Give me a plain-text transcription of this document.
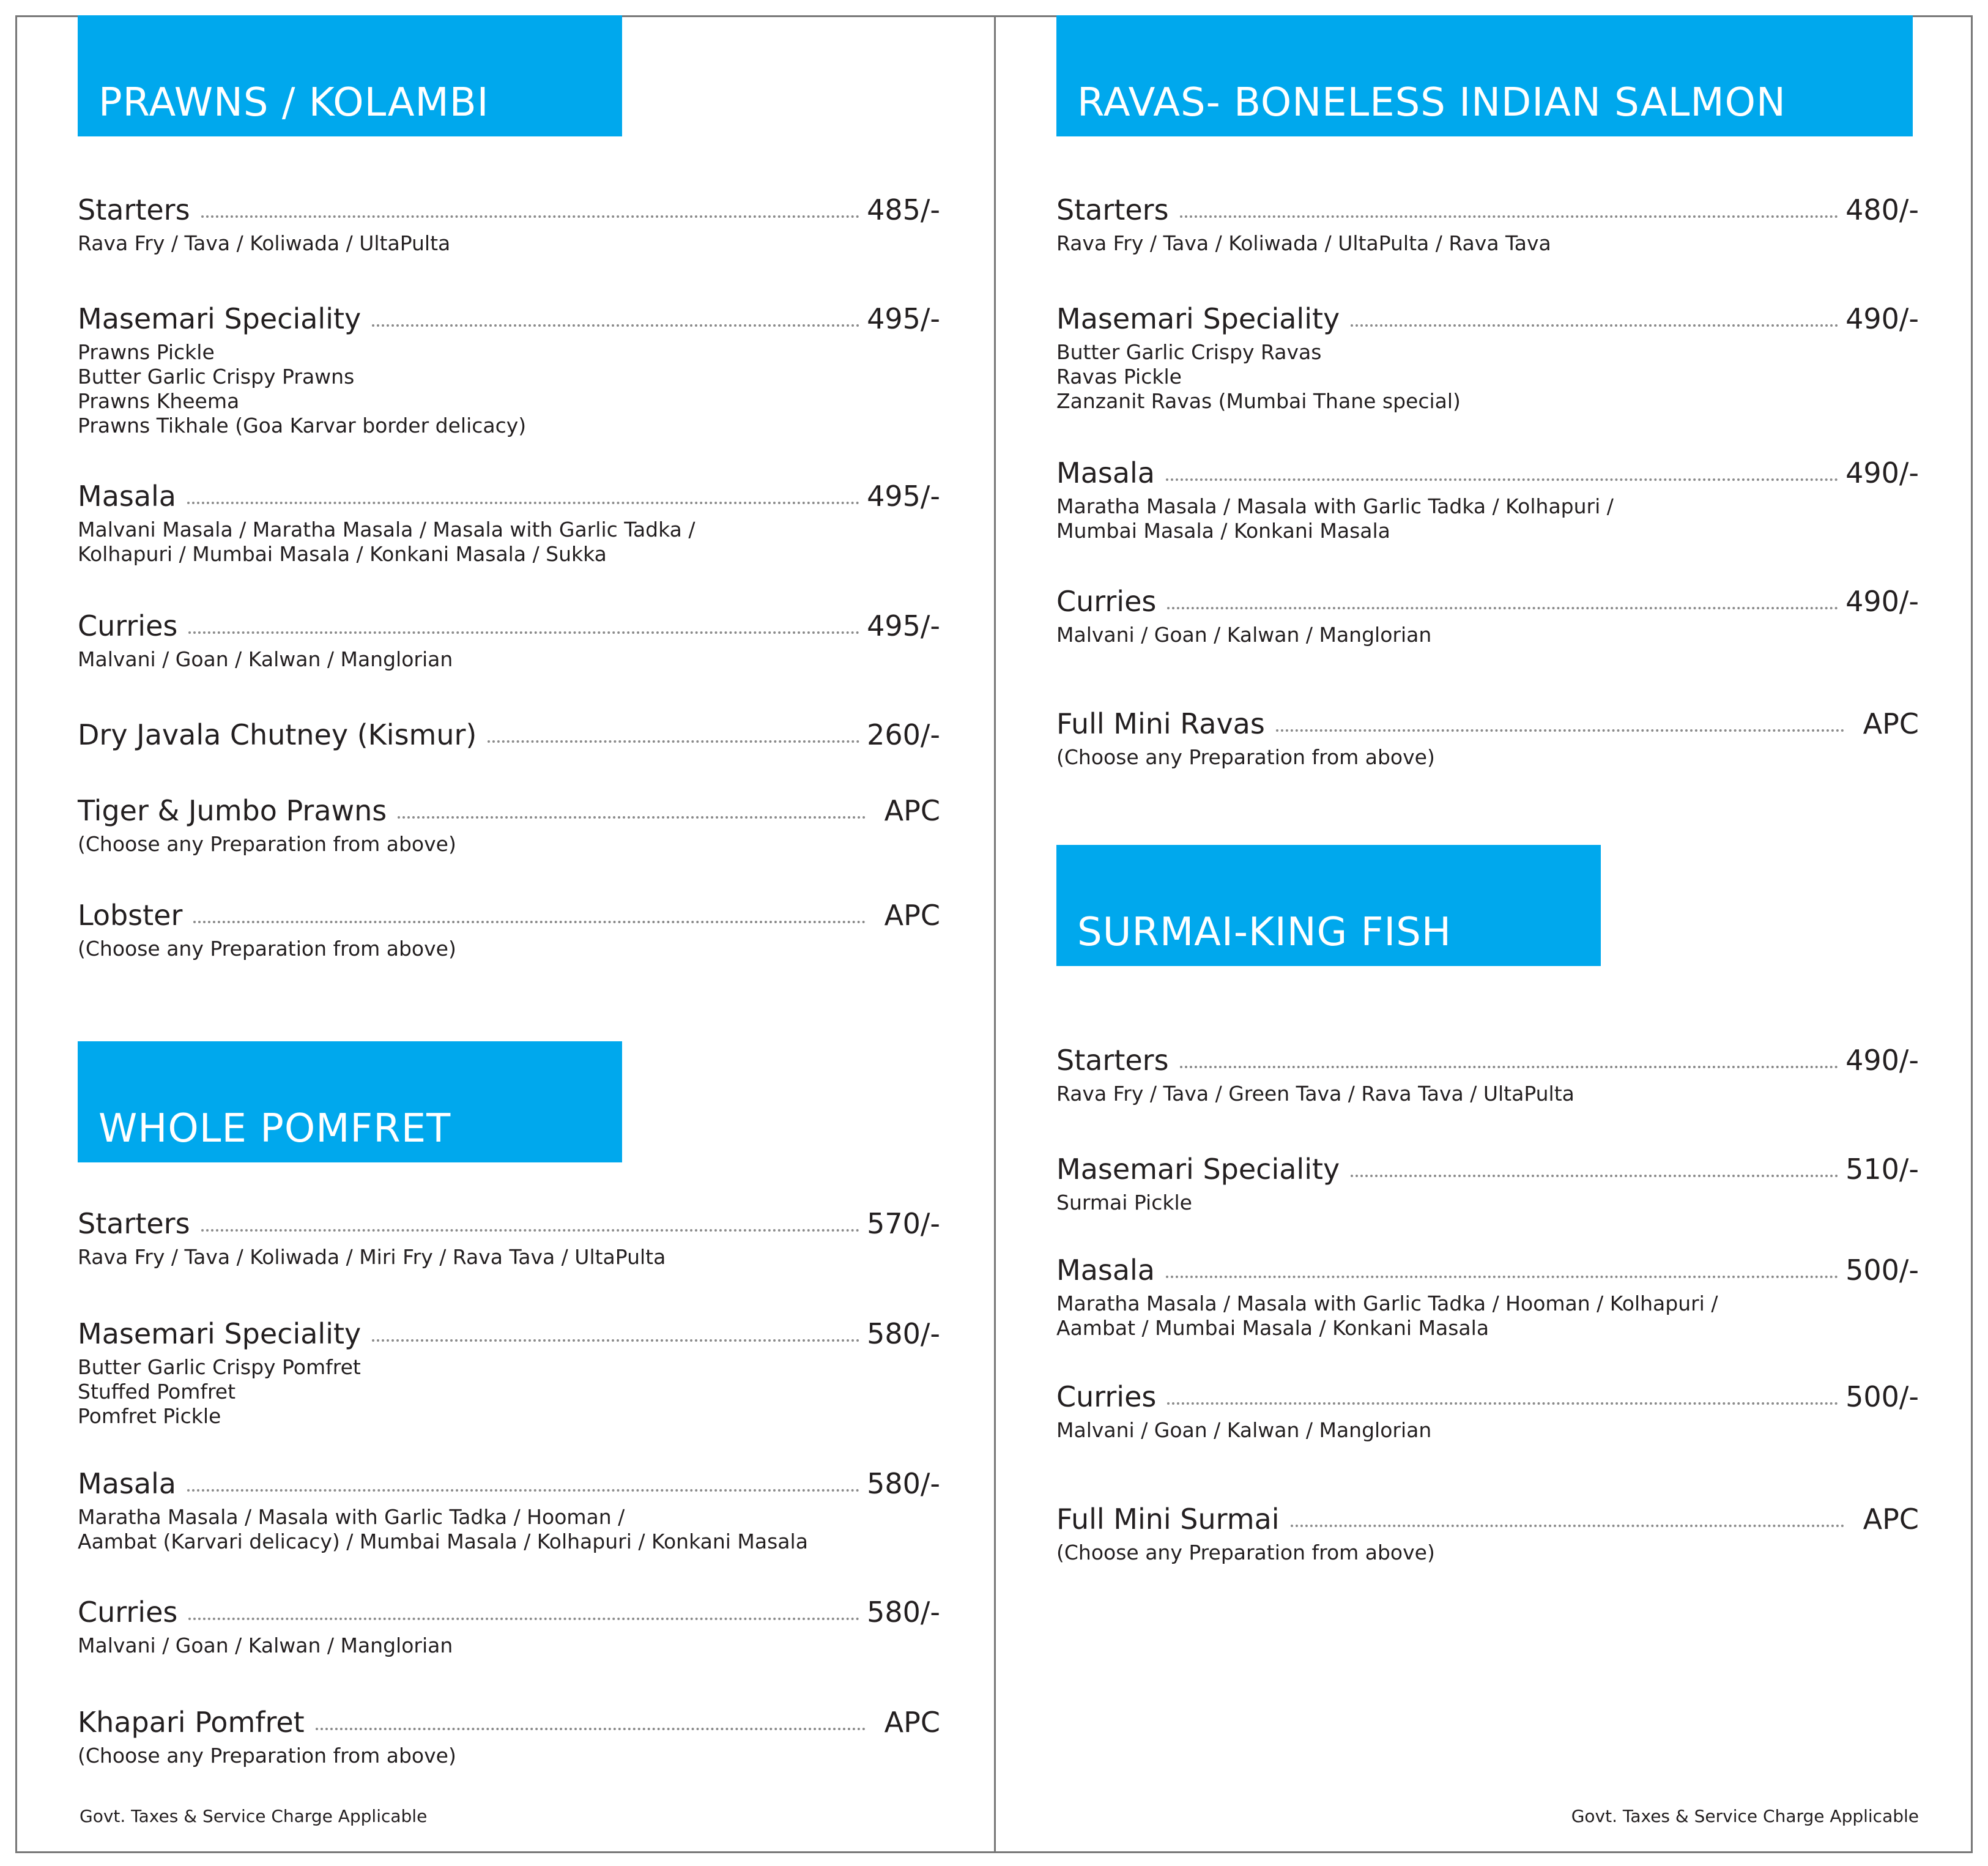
PRAWNS / KOLAMBI
WHOLE POMFRET
RAVAS- BONELESS INDIAN SALMON
SURMAI-KING FISH
Starters	485/-
Rava Fry / Tava / Koliwada / UltaPulta
Masemari Speciality	495/-
Prawns Pickle
Butter Garlic Crispy Prawns
Prawns Kheema
Prawns Tikhale (Goa Karvar border delicacy)
Masala	495/-
Malvani Masala / Maratha Masala / Masala with Garlic Tadka /
Kolhapuri / Mumbai Masala / Konkani Masala / Sukka
Curries	495/-
Malvani / Goan / Kalwan / Manglorian
Dry Javala Chutney (Kismur)	260/-
Tiger & Jumbo Prawns	APC
(Choose any Preparation from above)
Lobster	APC
(Choose any Preparation from above)
Starters	570/-
Rava Fry / Tava / Koliwada / Miri Fry / Rava Tava / UltaPulta
Masemari Speciality	580/-
Butter Garlic Crispy Pomfret
Stuffed Pomfret
Pomfret Pickle
Masala	580/-
Maratha Masala / Masala with Garlic Tadka / Hooman /
Aambat (Karvari delicacy) / Mumbai Masala / Kolhapuri / Konkani Masala
Curries	580/-
Malvani / Goan / Kalwan / Manglorian
Khapari Pomfret	APC
(Choose any Preparation from above)
Starters	480/-
Rava Fry / Tava / Koliwada / UltaPulta / Rava Tava
Masemari Speciality	490/-
Butter Garlic Crispy Ravas
Ravas Pickle
Zanzanit Ravas (Mumbai Thane special)
Masala	490/-
Maratha Masala / Masala with Garlic Tadka / Kolhapuri /
Mumbai Masala / Konkani Masala
Curries	490/-
Malvani / Goan / Kalwan / Manglorian
Full Mini Ravas	APC
(Choose any Preparation from above)
Starters	490/-
Rava Fry / Tava / Green Tava / Rava Tava / UltaPulta
Masemari Speciality	510/-
Surmai Pickle
Masala	500/-
Maratha Masala / Masala with Garlic Tadka / Hooman / Kolhapuri /
Aambat / Mumbai Masala / Konkani Masala
Curries	500/-
Malvani / Goan / Kalwan / Manglorian
Full Mini Surmai	APC
(Choose any Preparation from above)
Govt. Taxes & Service Charge Applicable	Govt. Taxes & Service Charge Applicable
